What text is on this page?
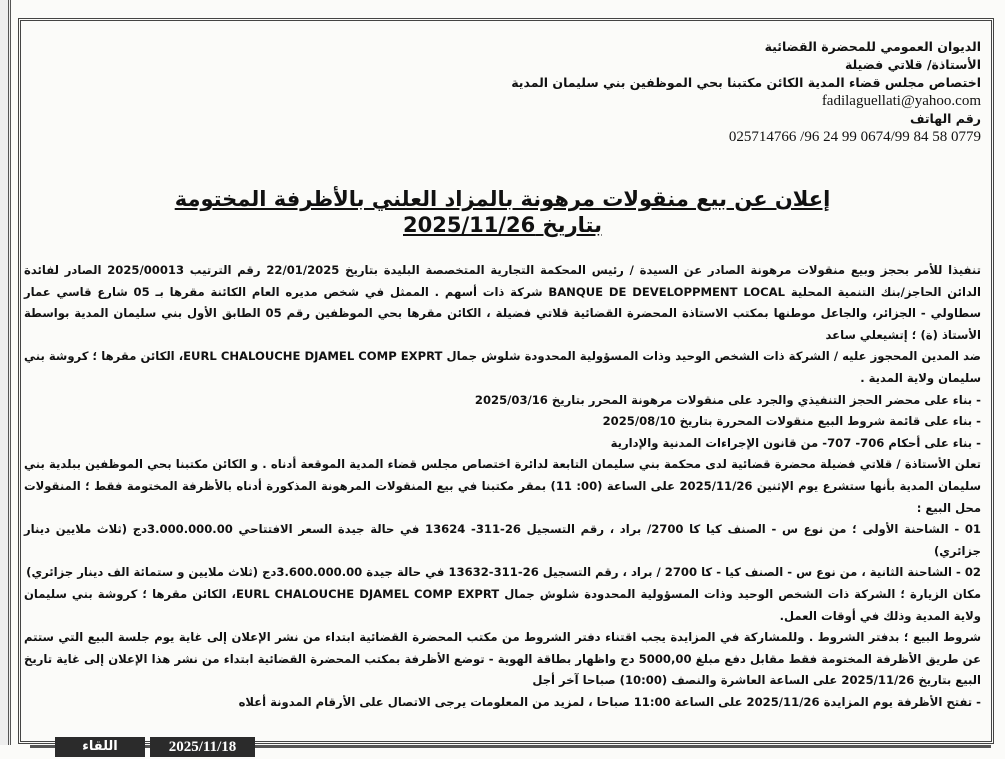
الديوان العمومي للمحضرة القضائية
الأستاذة/ قلاتي فضيلة
اختصاص مجلس قضاء المدية الكائن مكتبنا بحي الموظفين بني سليمان المدية
fadilaguellati@yahoo.com
رقم الهاتف
025714766 /96 24 99 0674/99 84 58 0779
إعلان عن بيع منقولات مرهونة بالمزاد العلني بالأظرفة المختومة
بتاريخ 2025/11/26

تنفيذا للأمر بحجز وبيع منقولات مرهونة الصادر عن السيدة / رئيس المحكمة التجارية المتخصصة البليدة بتاريخ 22/01/2025 رقم الترتيب 2025/00013 الصادر لفائدة الدائن الحاجز/بنك التنمية المحلية BANQUE DE DEVELOPPMENT LOCAL شركة ذات أسهم . الممثل في شخص مديره العام الكائنة مقرها بـ 05 شارع قاسي عمار سطاولي - الجزائر، والجاعل موطنها بمكتب الاستاذة المحضرة القضائية قلاتي فضيلة ، الكائن مقرها بحي الموظفين رقم 05 الطابق الأول بني سليمان المدية بواسطة الأستاذ (ة) ؛ إتشيعلي ساعد

ضد المدين المحجوز عليه / الشركة ذات الشخص الوحيد وذات المسؤولية المحدودة شلوش جمال EURL CHALOUCHE DJAMEL COMP EXPRT، الكائن مقرها ؛ كروشة بني سليمان ولاية المدية .

- بناء على محضر الحجز التنفيذي والجرد على منقولات مرهونة المحرر بتاريخ 2025/03/16

- بناء على قائمة شروط البيع منقولات المحررة بتاريخ 2025/08/10

- بناء على أحكام 706- 707- من قانون الإجراءات المدنية والإدارية

تعلن الأستاذة / قلاتي فضيلة محضرة قضائية لدى محكمة بني سليمان التابعة لدائرة اختصاص مجلس قضاء المدية الموقعة أدناه . و الكائن مكتبنا بحي الموظفين ببلدية بني سليمان المدية بأنها ستشرع يوم الإثنين 2025/11/26 على الساعة (00: 11) بمقر مكتبنا في بيع المنقولات المرهونة المذكورة أدناه بالأظرفة المختومة فقط ؛ المنقولات محل البيع :

01 - الشاحنة الأولى ؛ من نوع س - الصنف كيا كا 2700/ براد ، رقم التسجيل 26-311- 13624 في حالة جيدة السعر الافتتاحي 3.000.000.00دج (ثلاث ملايين دينار جزائري)

02 - الشاحنة الثانية ، من نوع س - الصنف كيا - كا 2700 / براد ، رقم التسجيل 26-311-13632 في حالة جيدة 3.600.000.00دج (ثلاث ملايين و ستمائة الف دينار جزائري)

مكان الزيارة ؛ الشركة ذات الشخص الوحيد وذات المسؤولية المحدودة شلوش جمال EURL CHALOUCHE DJAMEL COMP EXPRT، الكائن مقرها ؛ كروشة بني سليمان ولاية المدية وذلك في أوقات العمل.

شروط البيع ؛ بدفتر الشروط . وللمشاركة في المزايدة يجب اقتناء دفتر الشروط من مكتب المحضرة القضائية ابتداء من نشر الإعلان إلى غاية يوم جلسة البيع التي ستتم عن طريق الأظرفة المختومة فقط مقابل دفع مبلغ 5000,00 دج واظهار بطاقة الهوية - توضع الأظرفة بمكتب المحضرة القضائية ابتداء من نشر هذا الإعلان إلى غاية تاريخ البيع بتاريخ 2025/11/26 على الساعة العاشرة والنصف (10:00) صباحا آخر أجل

- تفتح الأظرفة يوم المزايدة 2025/11/26 على الساعة 11:00 صباحا ، لمزيد من المعلومات يرجى الاتصال على الأرقام المدونة أعلاه

اللقاء	2025/11/18
